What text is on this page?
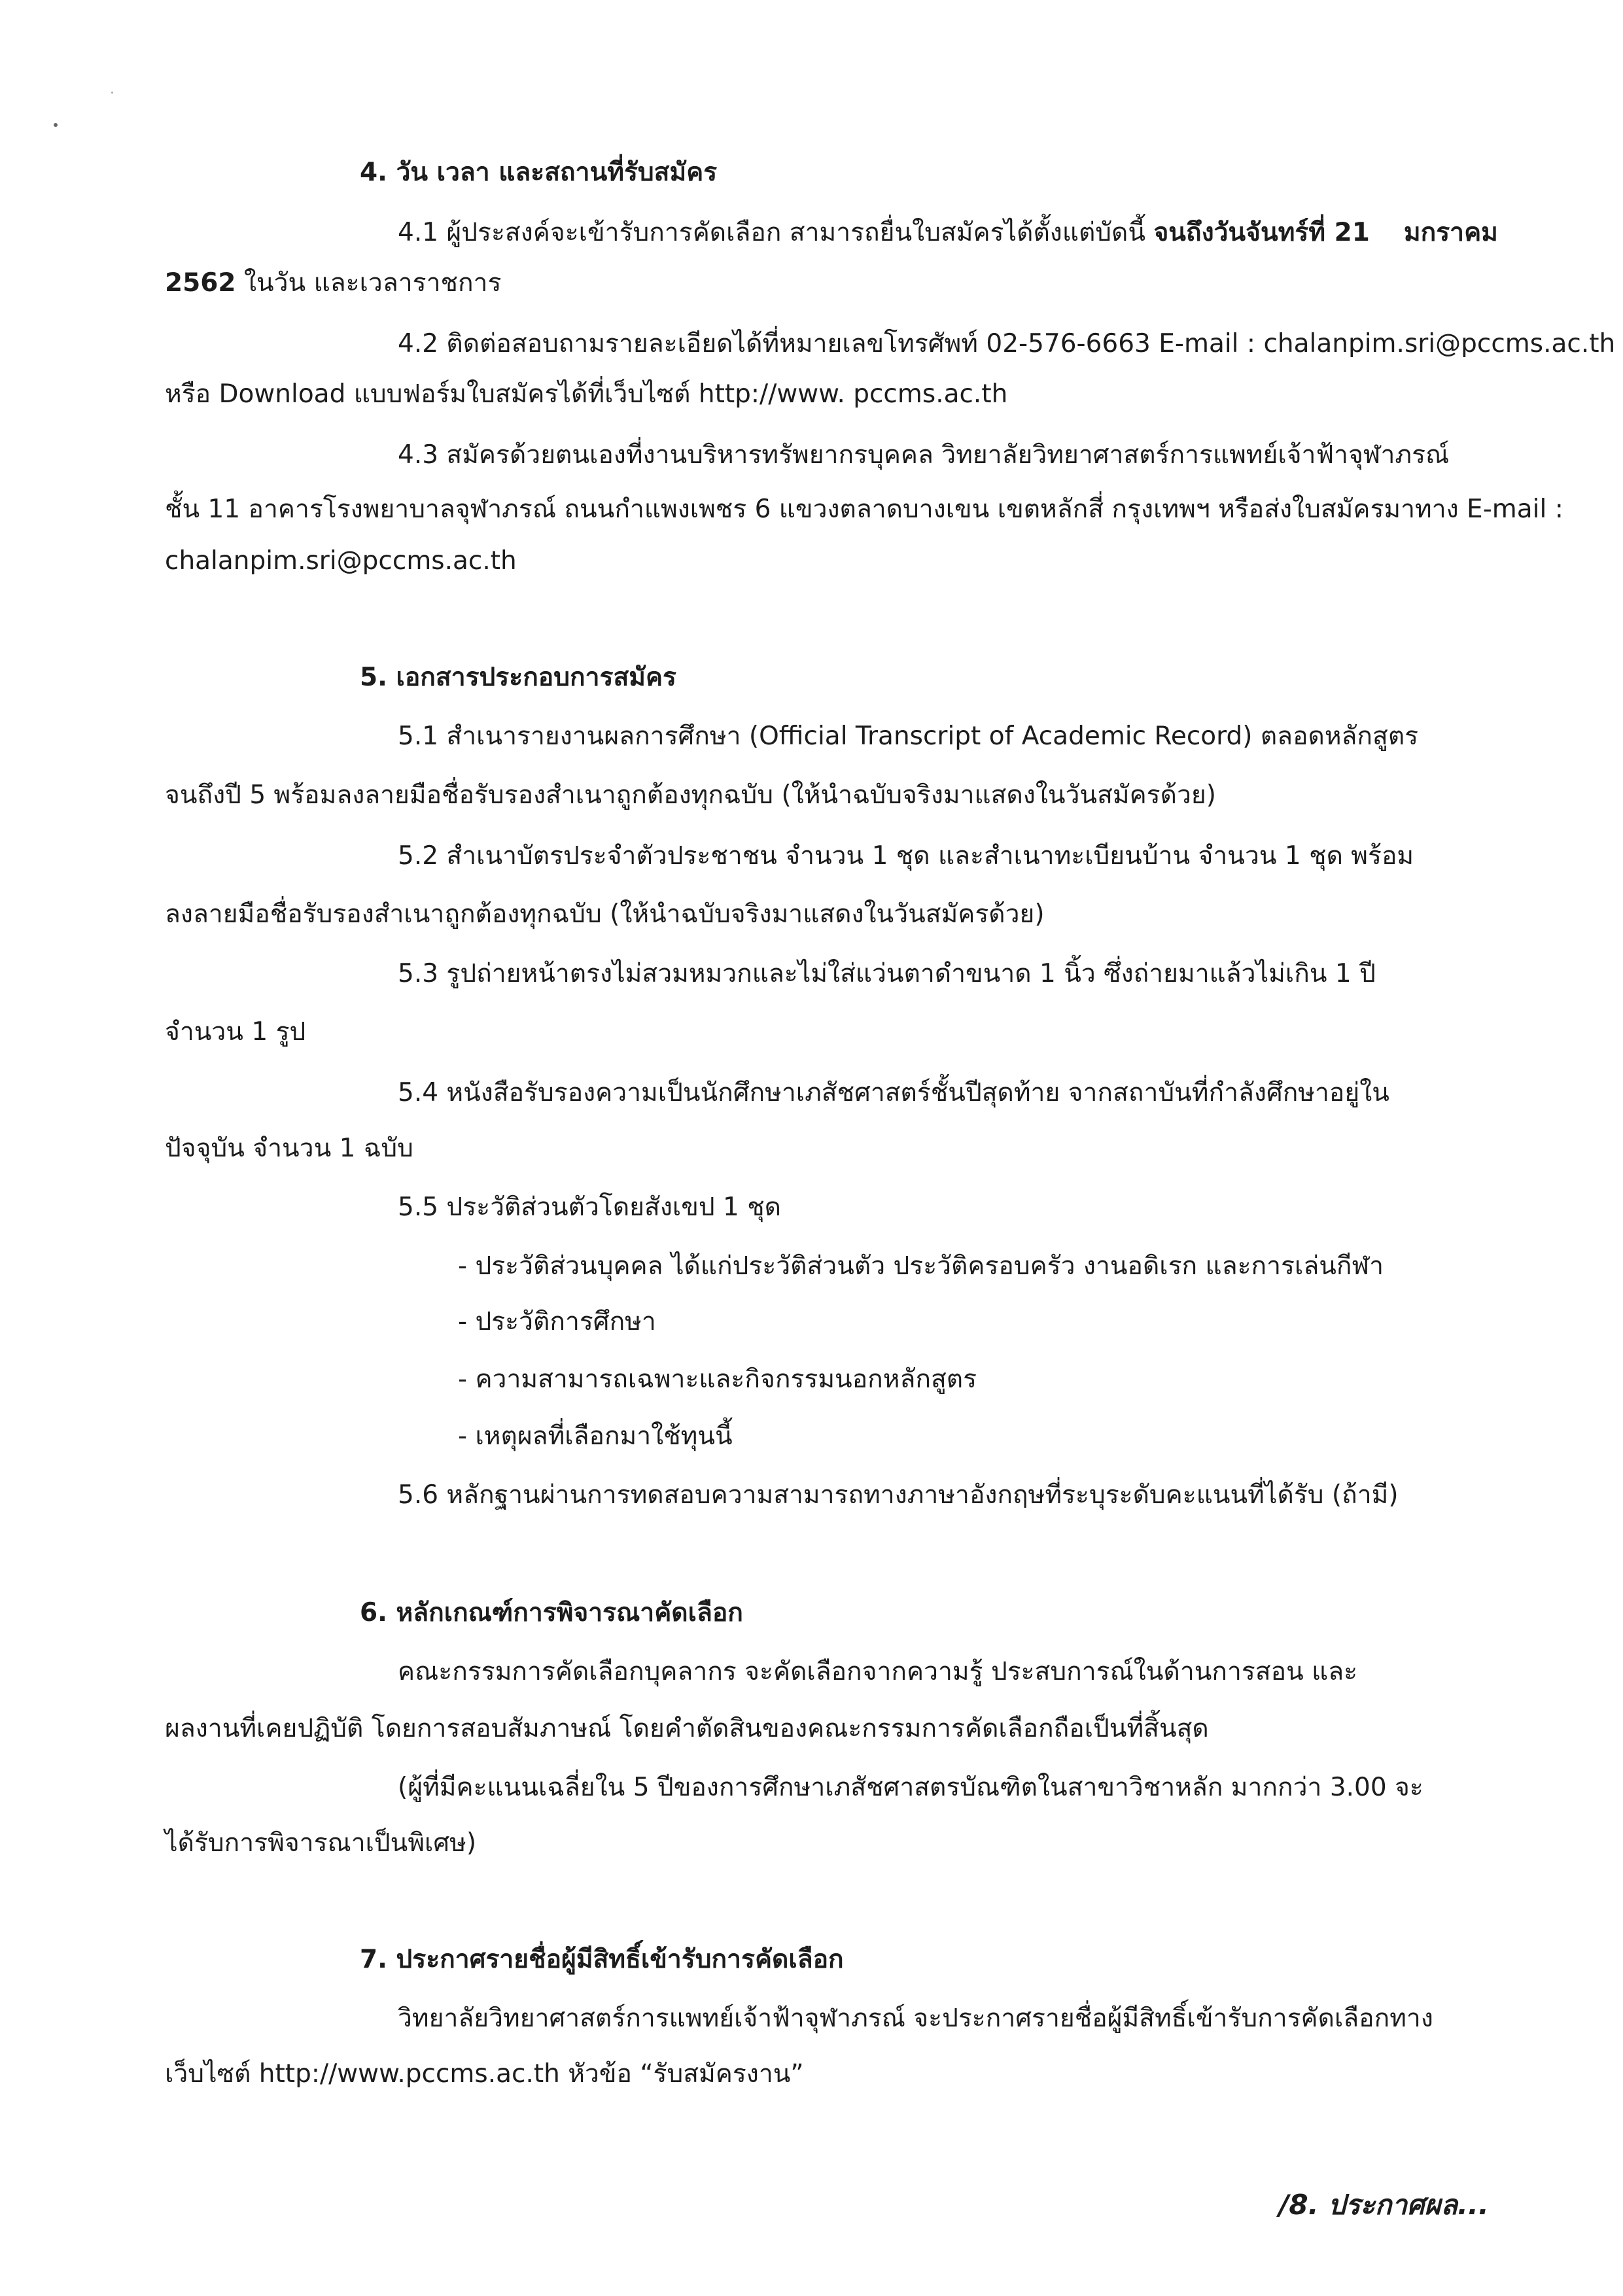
4. วัน เวลา และสถานที่รับสมัคร
4.1 ผู้ประสงค์จะเข้ารับการคัดเลือก สามารถยื่นใบสมัครได้ตั้งแต่บัดนี้ จนถึงวันจันทร์ที่ 21 มกราคม
2562 ในวัน และเวลาราชการ
4.2 ติดต่อสอบถามรายละเอียดได้ที่หมายเลขโทรศัพท์ 02-576-6663 E-mail : chalanpim.sri@pccms.ac.th
หรือ Download แบบฟอร์มใบสมัครได้ที่เว็บไซต์ http://www. pccms.ac.th
4.3 สมัครด้วยตนเองที่งานบริหารทรัพยากรบุคคล วิทยาลัยวิทยาศาสตร์การแพทย์เจ้าฟ้าจุฬาภรณ์
ชั้น 11 อาคารโรงพยาบาลจุฬาภรณ์ ถนนกำแพงเพชร 6 แขวงตลาดบางเขน เขตหลักสี่ กรุงเทพฯ หรือส่งใบสมัครมาทาง E-mail :
chalanpim.sri@pccms.ac.th
5. เอกสารประกอบการสมัคร
5.1 สำเนารายงานผลการศึกษา (Official Transcript of Academic Record) ตลอดหลักสูตร
จนถึงปี 5 พร้อมลงลายมือชื่อรับรองสำเนาถูกต้องทุกฉบับ (ให้นำฉบับจริงมาแสดงในวันสมัครด้วย)
5.2 สำเนาบัตรประจำตัวประชาชน จำนวน 1 ชุด และสำเนาทะเบียนบ้าน จำนวน 1 ชุด พร้อม
ลงลายมือชื่อรับรองสำเนาถูกต้องทุกฉบับ (ให้นำฉบับจริงมาแสดงในวันสมัครด้วย)
5.3 รูปถ่ายหน้าตรงไม่สวมหมวกและไม่ใส่แว่นตาดำขนาด 1 นิ้ว ซึ่งถ่ายมาแล้วไม่เกิน 1 ปี
จำนวน 1 รูป
5.4 หนังสือรับรองความเป็นนักศึกษาเภสัชศาสตร์ชั้นปีสุดท้าย จากสถาบันที่กำลังศึกษาอยู่ใน
ปัจจุบัน จำนวน 1 ฉบับ
5.5 ประวัติส่วนตัวโดยสังเขป 1 ชุด
- ประวัติส่วนบุคคล ได้แก่ประวัติส่วนตัว ประวัติครอบครัว งานอดิเรก และการเล่นกีฬา
- ประวัติการศึกษา
- ความสามารถเฉพาะและกิจกรรมนอกหลักสูตร
- เหตุผลที่เลือกมาใช้ทุนนี้
5.6 หลักฐานผ่านการทดสอบความสามารถทางภาษาอังกฤษที่ระบุระดับคะแนนที่ได้รับ (ถ้ามี)
6. หลักเกณฑ์การพิจารณาคัดเลือก
คณะกรรมการคัดเลือกบุคลากร จะคัดเลือกจากความรู้ ประสบการณ์ในด้านการสอน และ
ผลงานที่เคยปฏิบัติ โดยการสอบสัมภาษณ์ โดยคำตัดสินของคณะกรรมการคัดเลือกถือเป็นที่สิ้นสุด
(ผู้ที่มีคะแนนเฉลี่ยใน 5 ปีของการศึกษาเภสัชศาสตรบัณฑิตในสาขาวิชาหลัก มากกว่า 3.00 จะ
ได้รับการพิจารณาเป็นพิเศษ)
7. ประกาศรายชื่อผู้มีสิทธิ์เข้ารับการคัดเลือก
วิทยาลัยวิทยาศาสตร์การแพทย์เจ้าฟ้าจุฬาภรณ์ จะประกาศรายชื่อผู้มีสิทธิ์เข้ารับการคัดเลือกทาง
เว็บไซต์ http://www.pccms.ac.th หัวข้อ “รับสมัครงาน”
/8. ประกาศผล...
